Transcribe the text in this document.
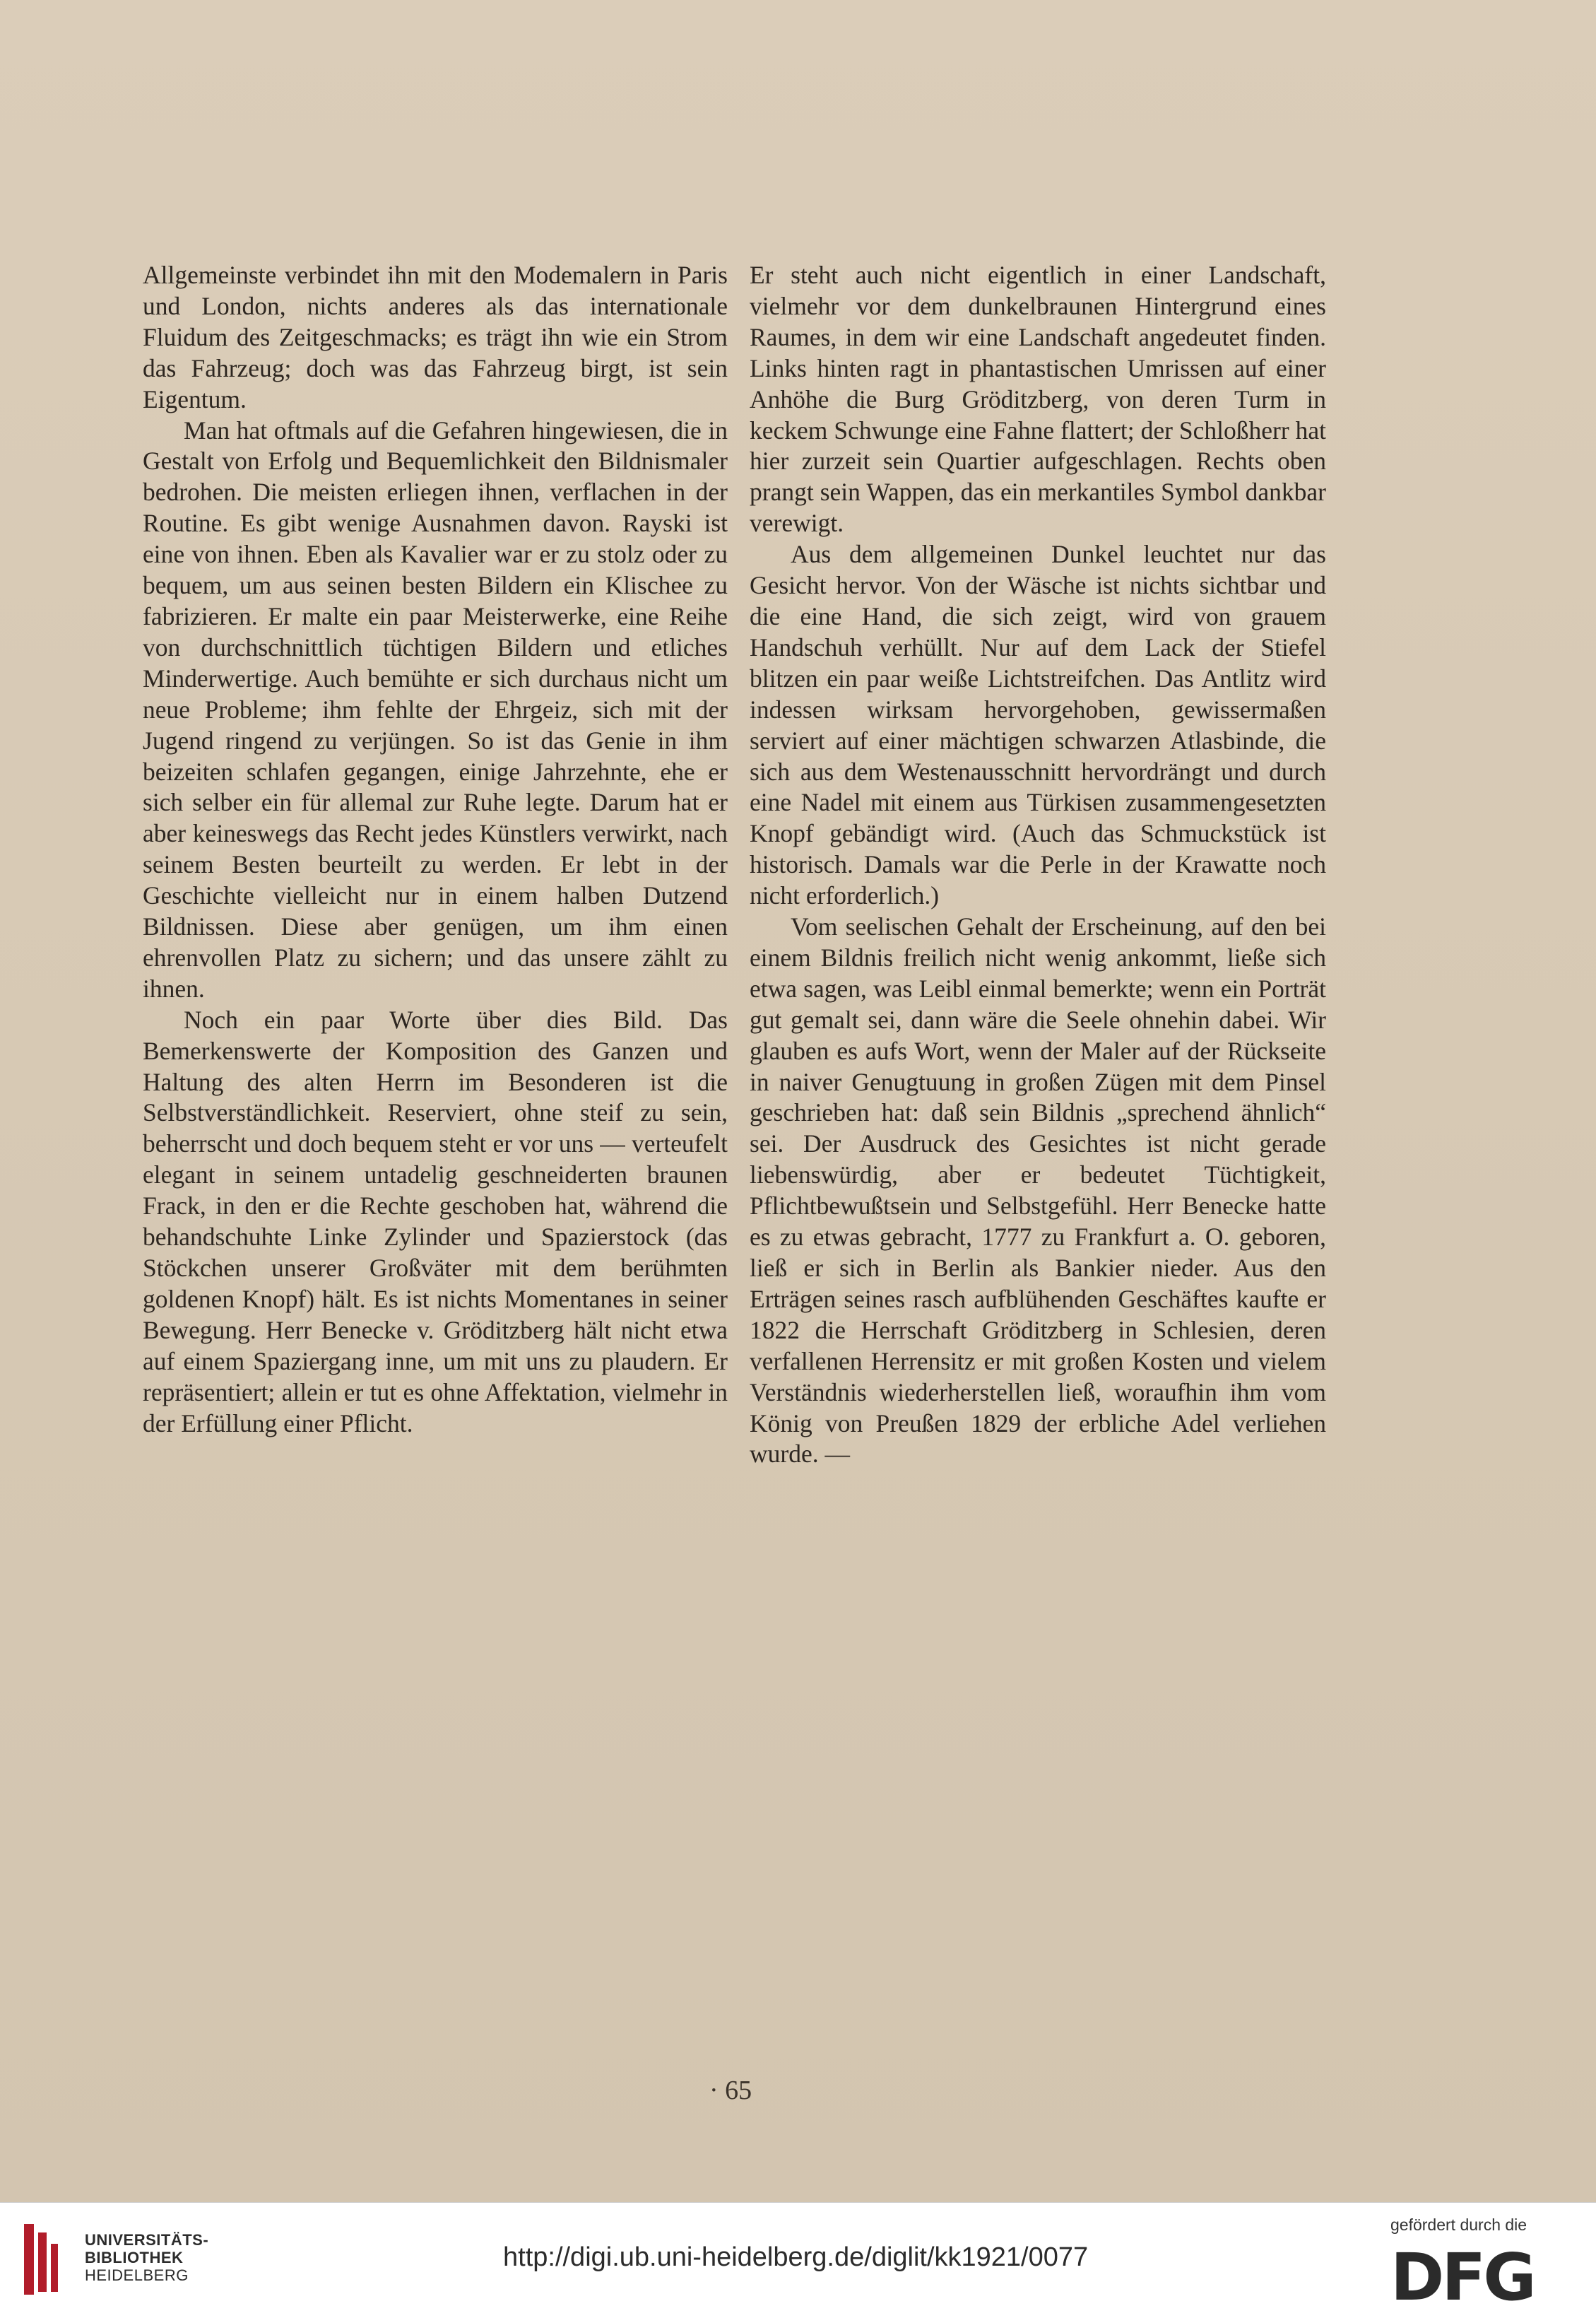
Allgemeinste verbindet ihn mit den Modemalern in Paris und London, nichts anderes als das internationale Fluidum des Zeitgeschmacks; es trägt ihn wie ein Strom das Fahrzeug; doch was das Fahrzeug birgt, ist sein Eigentum.

Man hat oftmals auf die Gefahren hingewiesen, die in Gestalt von Erfolg und Bequemlichkeit den Bildnismaler bedrohen. Die meisten erliegen ihnen, verflachen in der Routine. Es gibt wenige Ausnahmen davon. Rayski ist eine von ihnen. Eben als Kavalier war er zu stolz oder zu bequem, um aus seinen besten Bildern ein Klischee zu fabrizieren. Er malte ein paar Meisterwerke, eine Reihe von durchschnittlich tüchtigen Bildern und etliches Minderwertige. Auch bemühte er sich durchaus nicht um neue Probleme; ihm fehlte der Ehrgeiz, sich mit der Jugend ringend zu verjüngen. So ist das Genie in ihm beizeiten schlafen gegangen, einige Jahrzehnte, ehe er sich selber ein für allemal zur Ruhe legte. Darum hat er aber keineswegs das Recht jedes Künstlers verwirkt, nach seinem Besten beurteilt zu werden. Er lebt in der Geschichte vielleicht nur in einem halben Dutzend Bildnissen. Diese aber genügen, um ihm einen ehrenvollen Platz zu sichern; und das unsere zählt zu ihnen.

Noch ein paar Worte über dies Bild. Das Bemerkenswerte der Komposition des Ganzen und Haltung des alten Herrn im Besonderen ist die Selbstverständlichkeit. Reserviert, ohne steif zu sein, beherrscht und doch bequem steht er vor uns — verteufelt elegant in seinem untadelig geschneiderten braunen Frack, in den er die Rechte geschoben hat, während die behandschuhte Linke Zylinder und Spazierstock (das Stöckchen unserer Großväter mit dem berühmten goldenen Knopf) hält. Es ist nichts Momentanes in seiner Bewegung. Herr Benecke v. Gröditzberg hält nicht etwa auf einem Spaziergang inne, um mit uns zu plaudern. Er repräsentiert; allein er tut es ohne Affektation, vielmehr in der Erfüllung einer Pflicht.

Er steht auch nicht eigentlich in einer Landschaft, vielmehr vor dem dunkelbraunen Hintergrund eines Raumes, in dem wir eine Landschaft angedeutet finden. Links hinten ragt in phantastischen Umrissen auf einer Anhöhe die Burg Gröditzberg, von deren Turm in keckem Schwunge eine Fahne flattert; der Schloßherr hat hier zurzeit sein Quartier aufgeschlagen. Rechts oben prangt sein Wappen, das ein merkantiles Symbol dankbar verewigt.

Aus dem allgemeinen Dunkel leuchtet nur das Gesicht hervor. Von der Wäsche ist nichts sichtbar und die eine Hand, die sich zeigt, wird von grauem Handschuh verhüllt. Nur auf dem Lack der Stiefel blitzen ein paar weiße Lichtstreifchen. Das Antlitz wird indessen wirksam hervorgehoben, gewissermaßen serviert auf einer mächtigen schwarzen Atlasbinde, die sich aus dem Westenausschnitt hervordrängt und durch eine Nadel mit einem aus Türkisen zusammengesetzten Knopf gebändigt wird. (Auch das Schmuckstück ist historisch. Damals war die Perle in der Krawatte noch nicht erforderlich.)

Vom seelischen Gehalt der Erscheinung, auf den bei einem Bildnis freilich nicht wenig ankommt, ließe sich etwa sagen, was Leibl einmal bemerkte; wenn ein Porträt gut gemalt sei, dann wäre die Seele ohnehin dabei. Wir glauben es aufs Wort, wenn der Maler auf der Rückseite in naiver Genugtuung in großen Zügen mit dem Pinsel geschrieben hat: daß sein Bildnis „sprechend ähnlich“ sei. Der Ausdruck des Gesichtes ist nicht gerade liebenswürdig, aber er bedeutet Tüchtigkeit, Pflichtbewußtsein und Selbstgefühl. Herr Benecke hatte es zu etwas gebracht, 1777 zu Frankfurt a. O. geboren, ließ er sich in Berlin als Bankier nieder. Aus den Erträgen seines rasch aufblühenden Geschäftes kaufte er 1822 die Herrschaft Gröditzberg in Schlesien, deren verfallenen Herrensitz er mit großen Kosten und vielem Verständnis wiederherstellen ließ, woraufhin ihm vom König von Preußen 1829 der erbliche Adel verliehen wurde. —

· 65
UNIVERSITÄTS-
BIBLIOTHEK
HEIDELBERG
http://digi.ub.uni-heidelberg.de/diglit/kk1921/0077
gefördert durch die
DFG
